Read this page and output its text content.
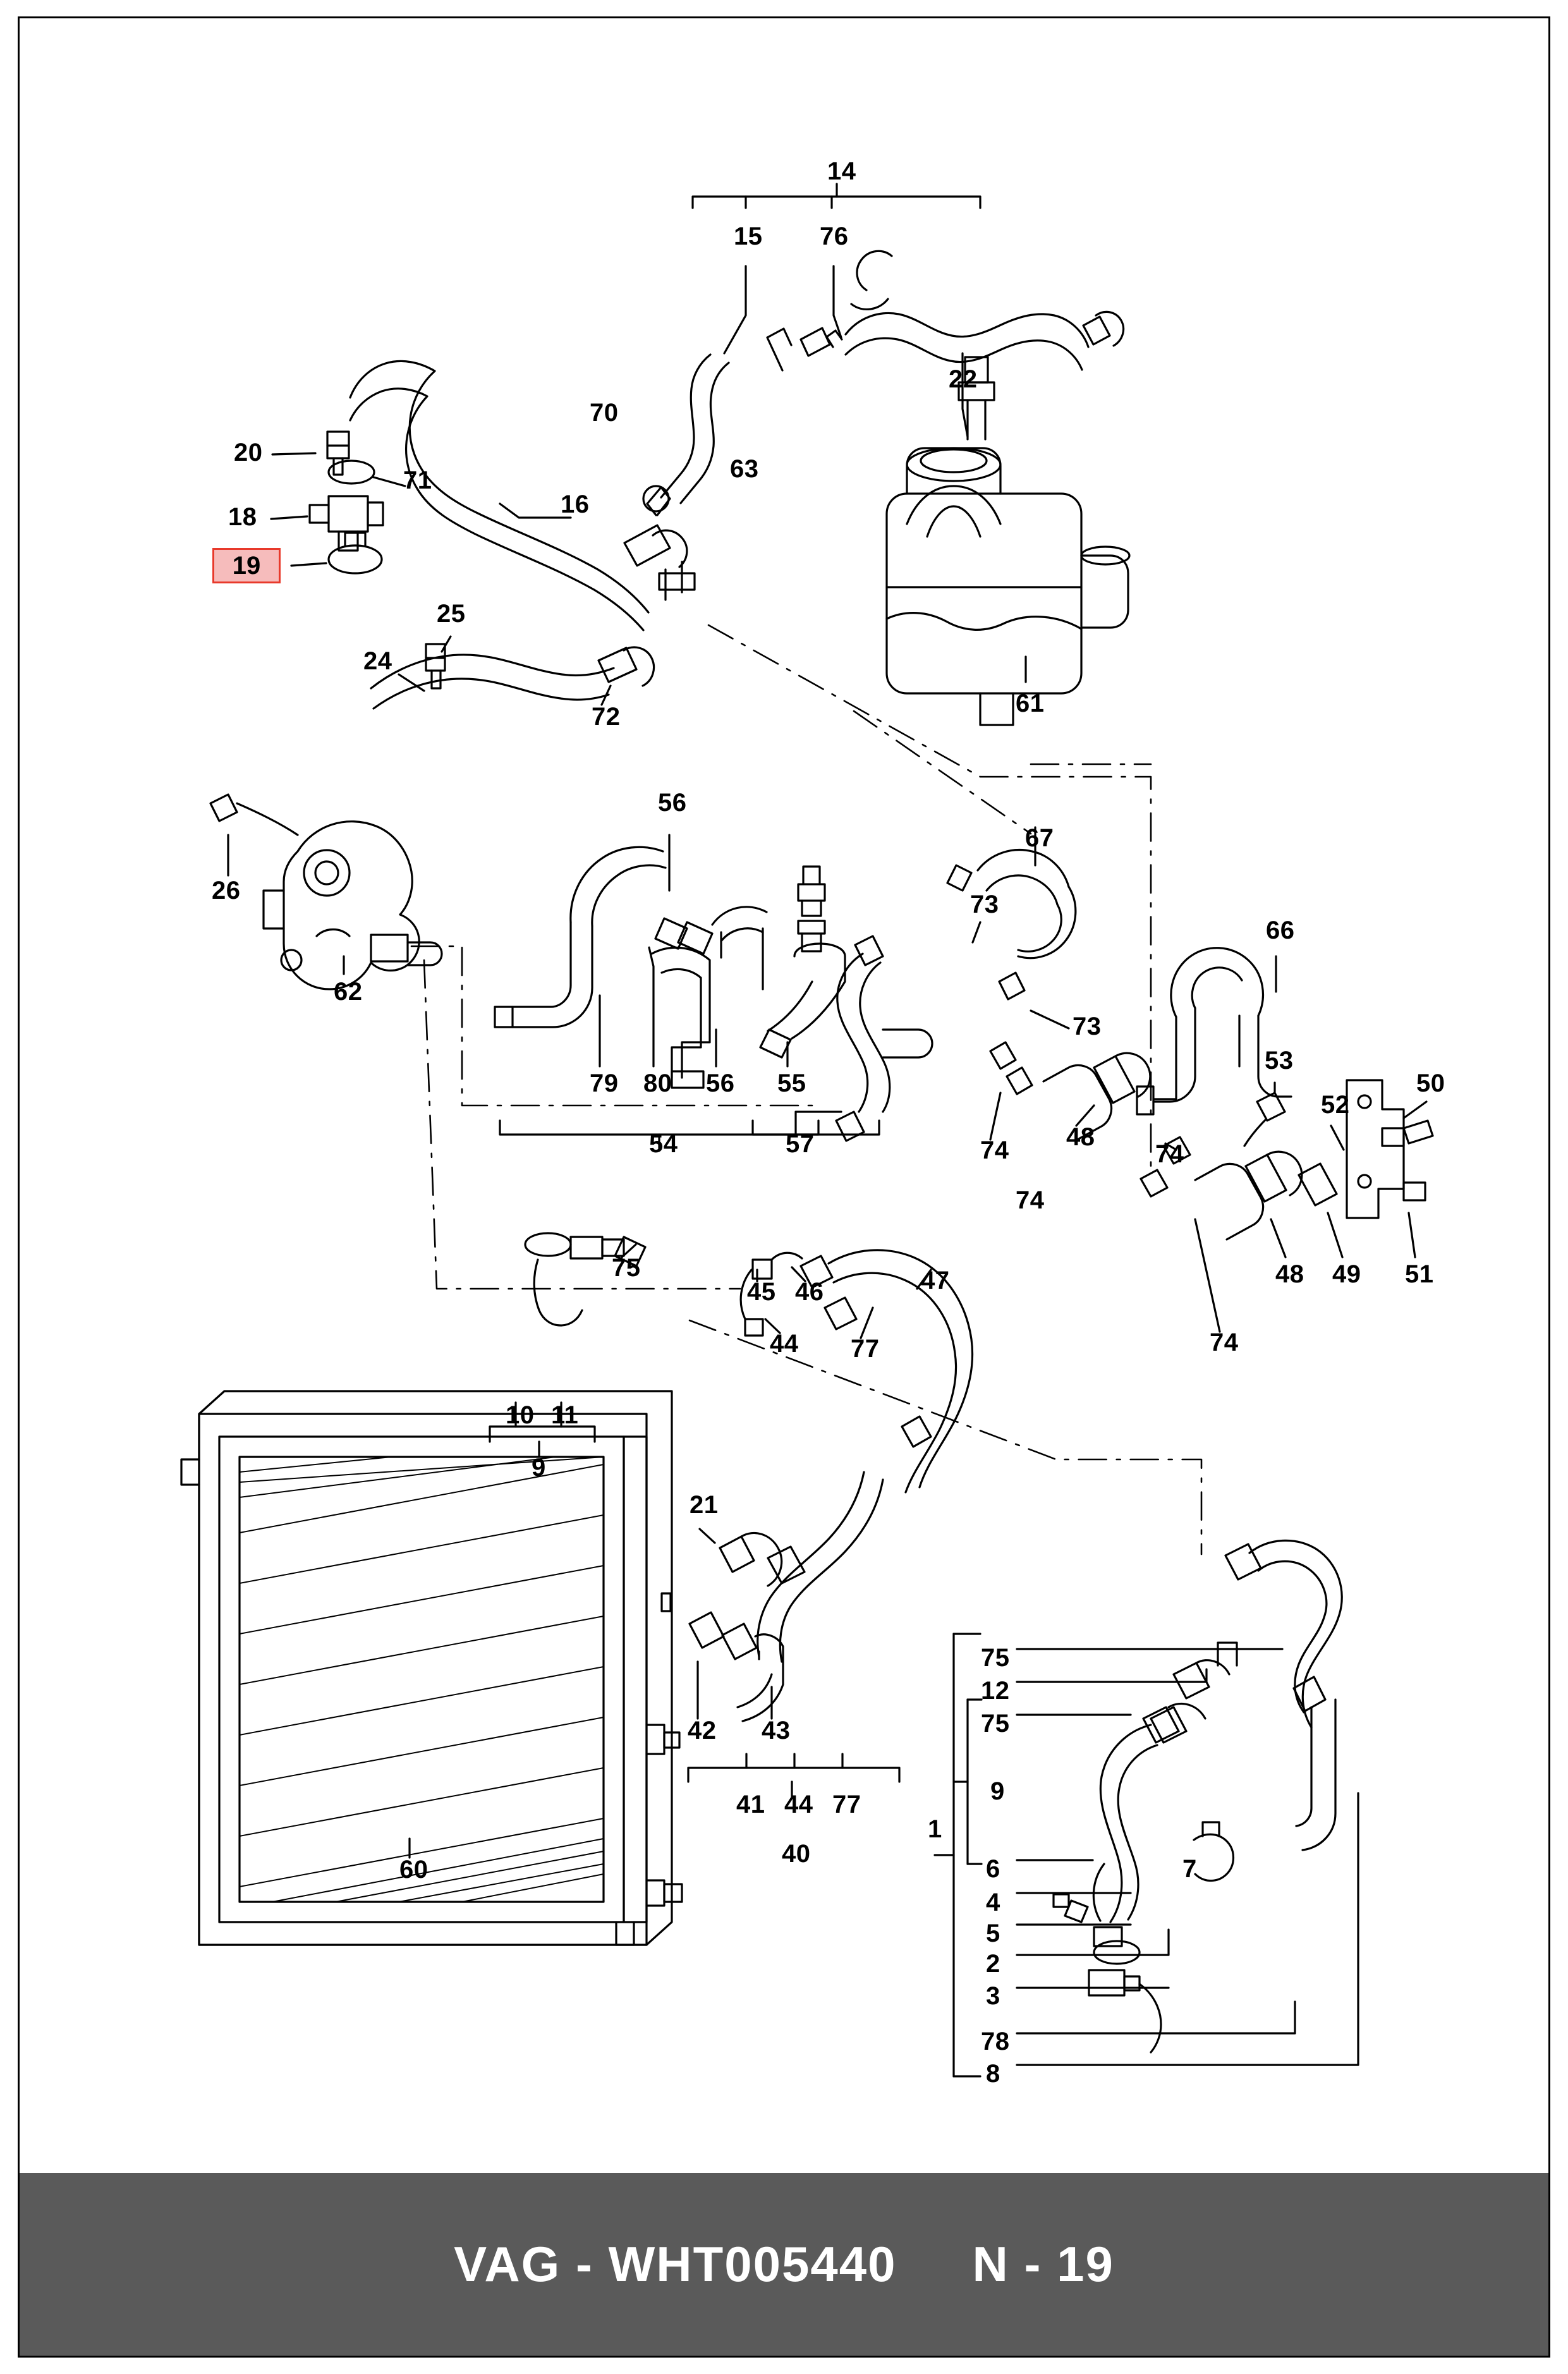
14
15 76
22
70
20
63
71
18	16
19
61
25
24
72
26
56
67
73
66
62
73
53
52
50
79 80 56 55
74 48
74
54	57
51
74
48 49
75
45 46	47
44 77	74
10 11
9
21
42 43
75
12
75
9
41 44 77
1
40
60	6	7
4
5
2
3
78
8
VAG - WHT005440 N - 19
